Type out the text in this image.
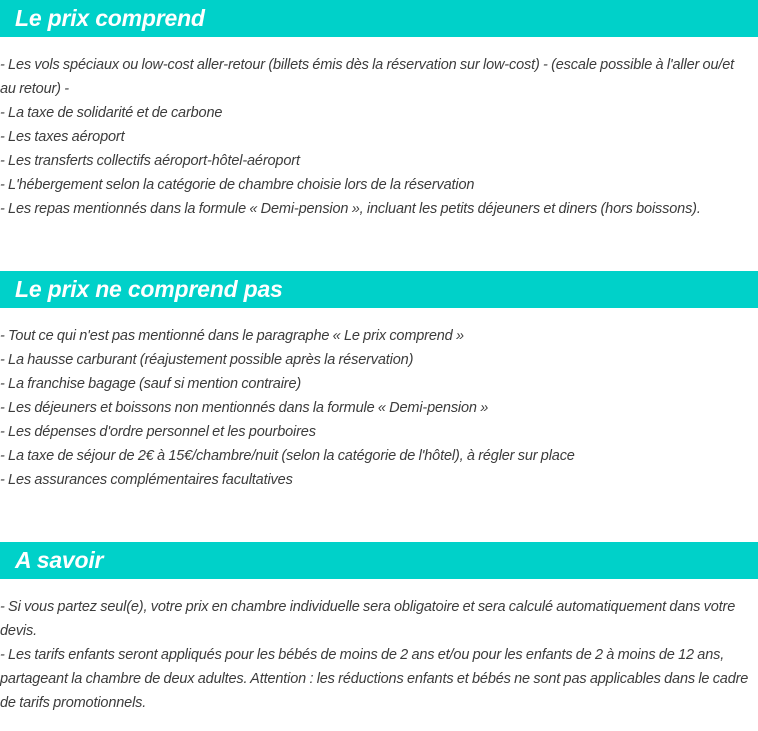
Le prix comprend
- Les vols spéciaux ou low-cost aller-retour (billets émis dès la réservation sur low-cost) - (escale possible à l'aller ou/et au retour) -
- La taxe de solidarité et de carbone
- Les taxes aéroport
- Les transferts collectifs aéroport-hôtel-aéroport
- L'hébergement selon la catégorie de chambre choisie lors de la réservation
- Les repas mentionnés dans la formule « Demi-pension », incluant les petits déjeuners et diners (hors boissons).
Le prix ne comprend pas
- Tout ce qui n'est pas mentionné dans le paragraphe « Le prix comprend »
- La hausse carburant (réajustement possible après la réservation)
- La franchise bagage (sauf si mention contraire)
- Les déjeuners et boissons non mentionnés dans la formule « Demi-pension »
- Les dépenses d'ordre personnel et les pourboires
- La taxe de séjour de 2€ à 15€/chambre/nuit (selon la catégorie de l'hôtel), à régler sur place
- Les assurances complémentaires facultatives
A savoir
- Si vous partez seul(e), votre prix en chambre individuelle sera obligatoire et sera calculé automatiquement dans votre devis.
- Les tarifs enfants seront appliqués pour les bébés de moins de 2 ans et/ou pour les enfants de 2 à moins de 12 ans, partageant la chambre de deux adultes. Attention : les réductions enfants et bébés ne sont pas applicables dans le cadre de tarifs promotionnels.
